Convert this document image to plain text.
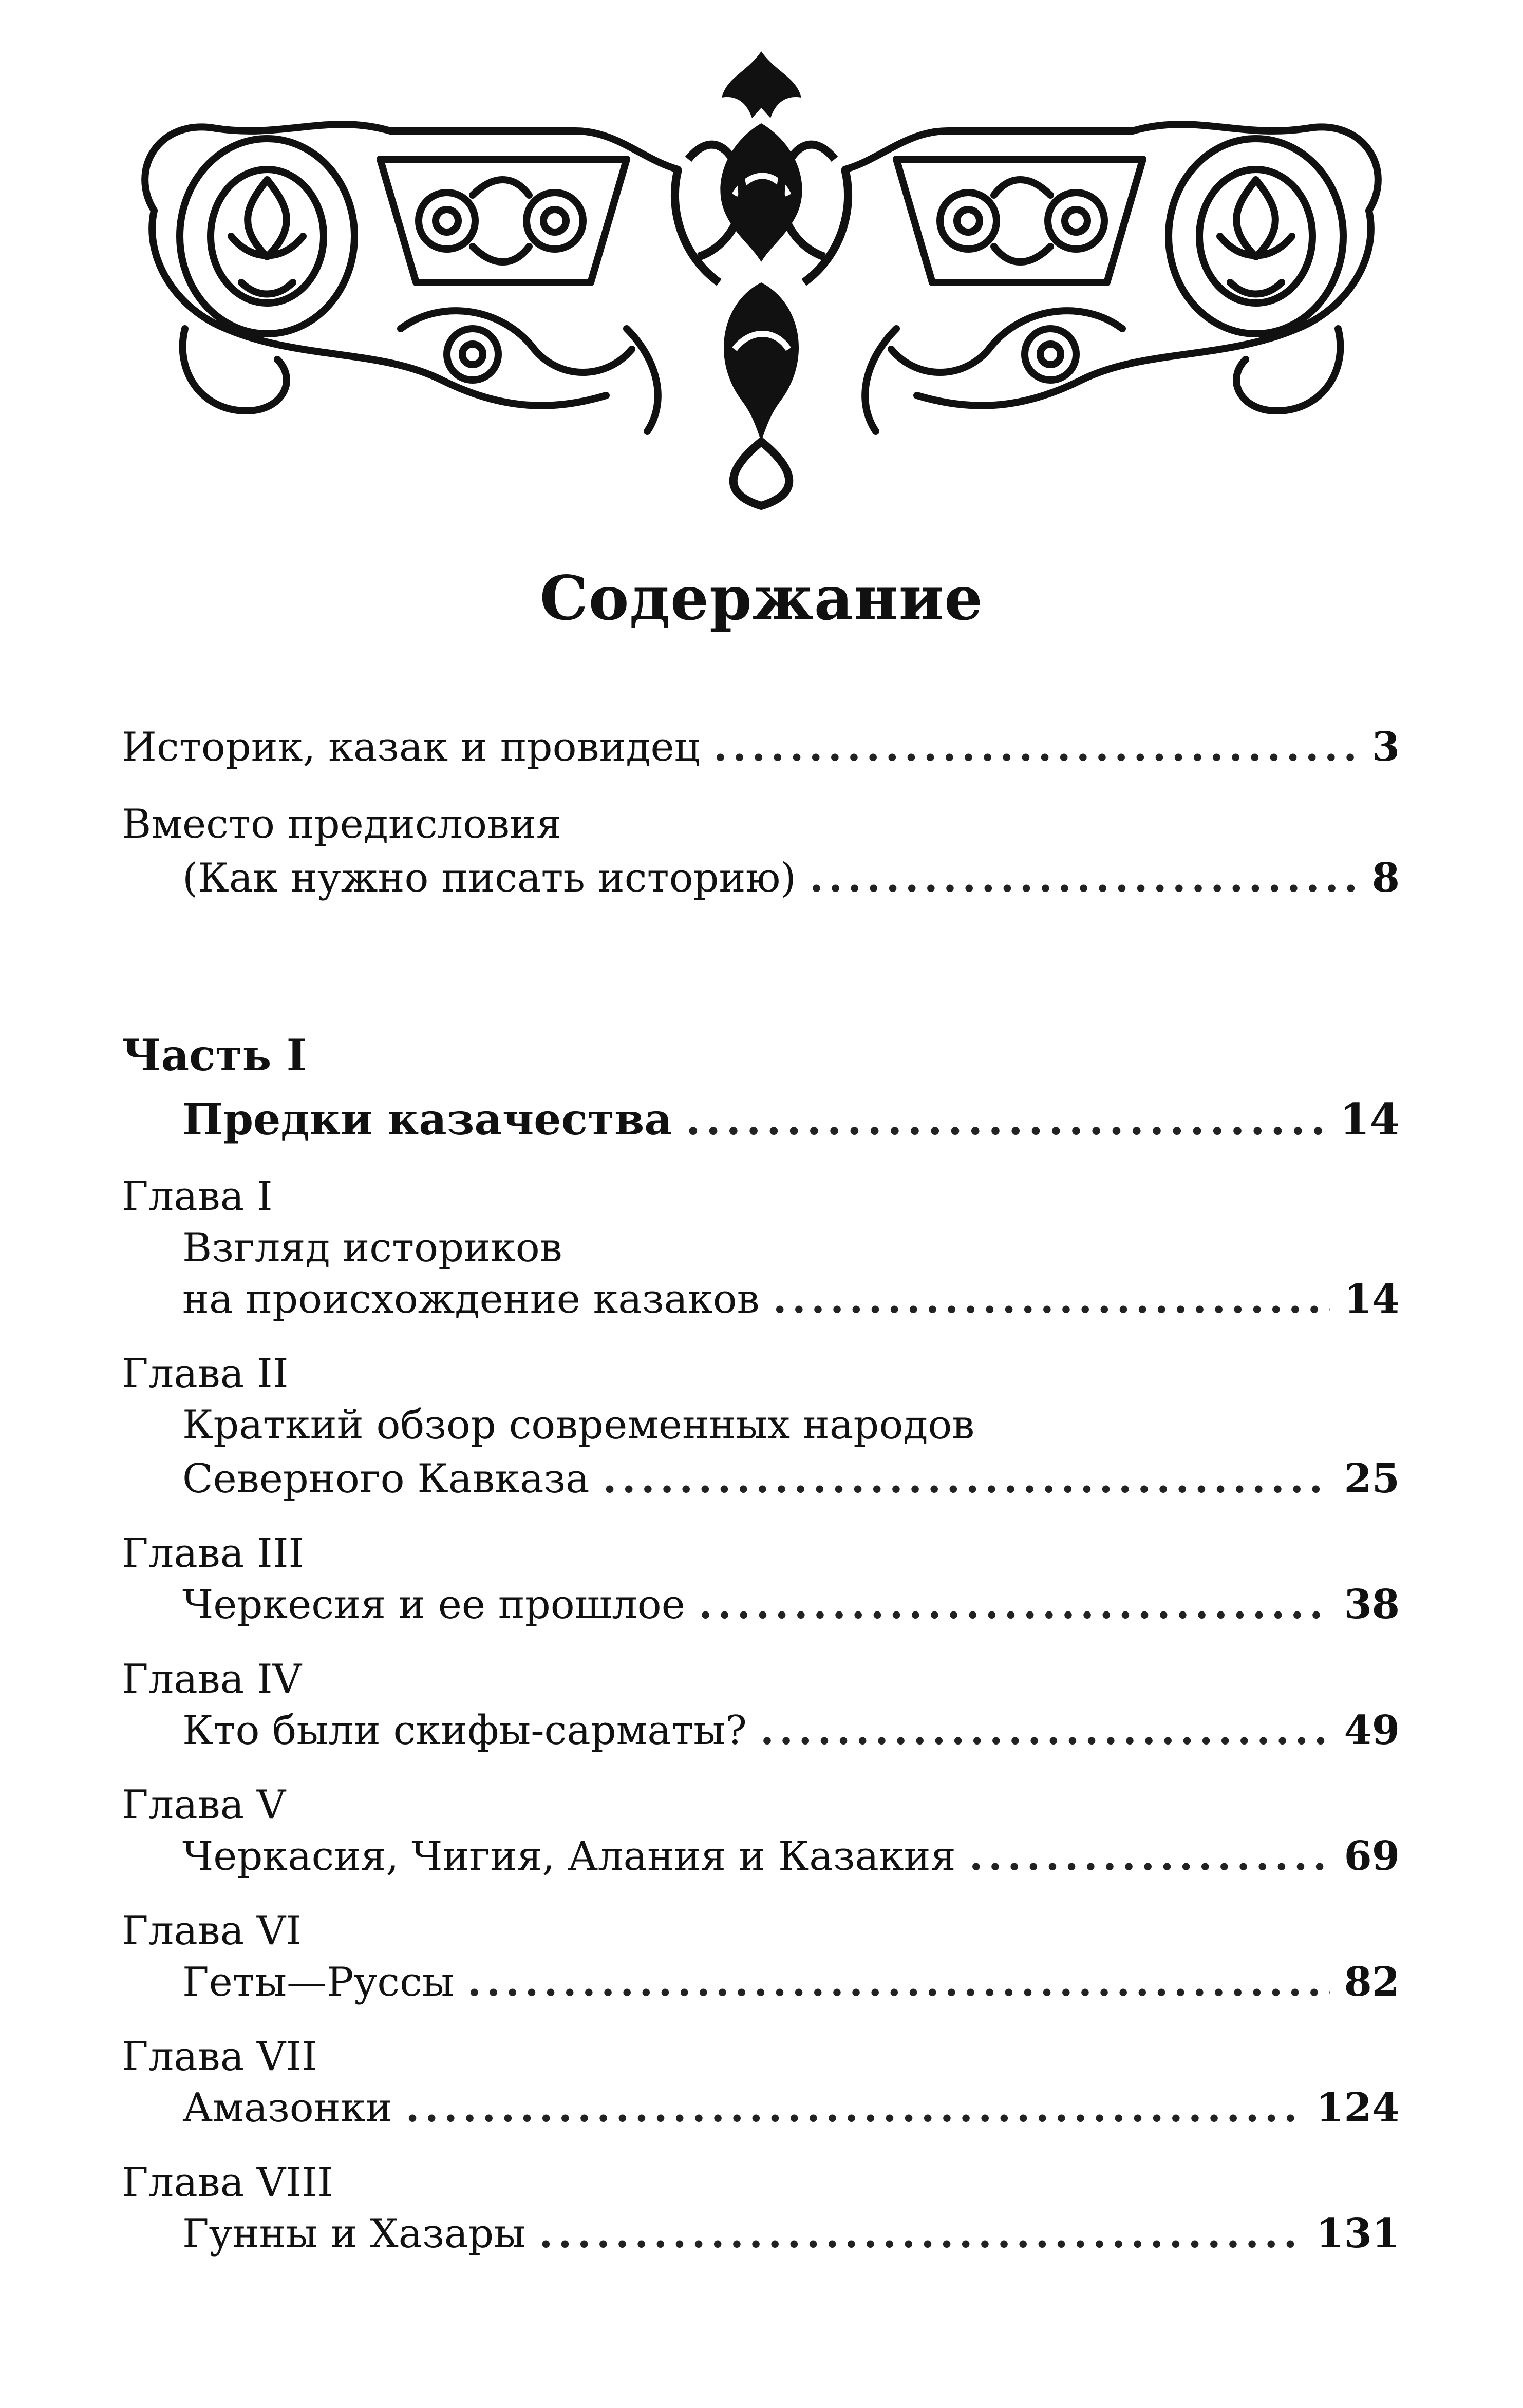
Содержание
Историк, казак и провидец .....	3
Вместо предисловия
(Как нужно писать историю) .....	8
Часть I
Предки казачества .....	14
Глава I
Взгляд историков
на происхождение казаков .....	14
Глава II
Краткий обзор современных народов
Северного Кавказа .....	25
Глава III
Черкесия и ее прошлое .....	38
Глава IV
Кто были скифы-сарматы? .....	49
Глава V
Черкасия, Чигия, Алания и Казакия .....	69
Глава VI
Геты—Руссы .....	82
Глава VII
Амазонки .....	124
Глава VIII
Гунны и Хазары .....	131
